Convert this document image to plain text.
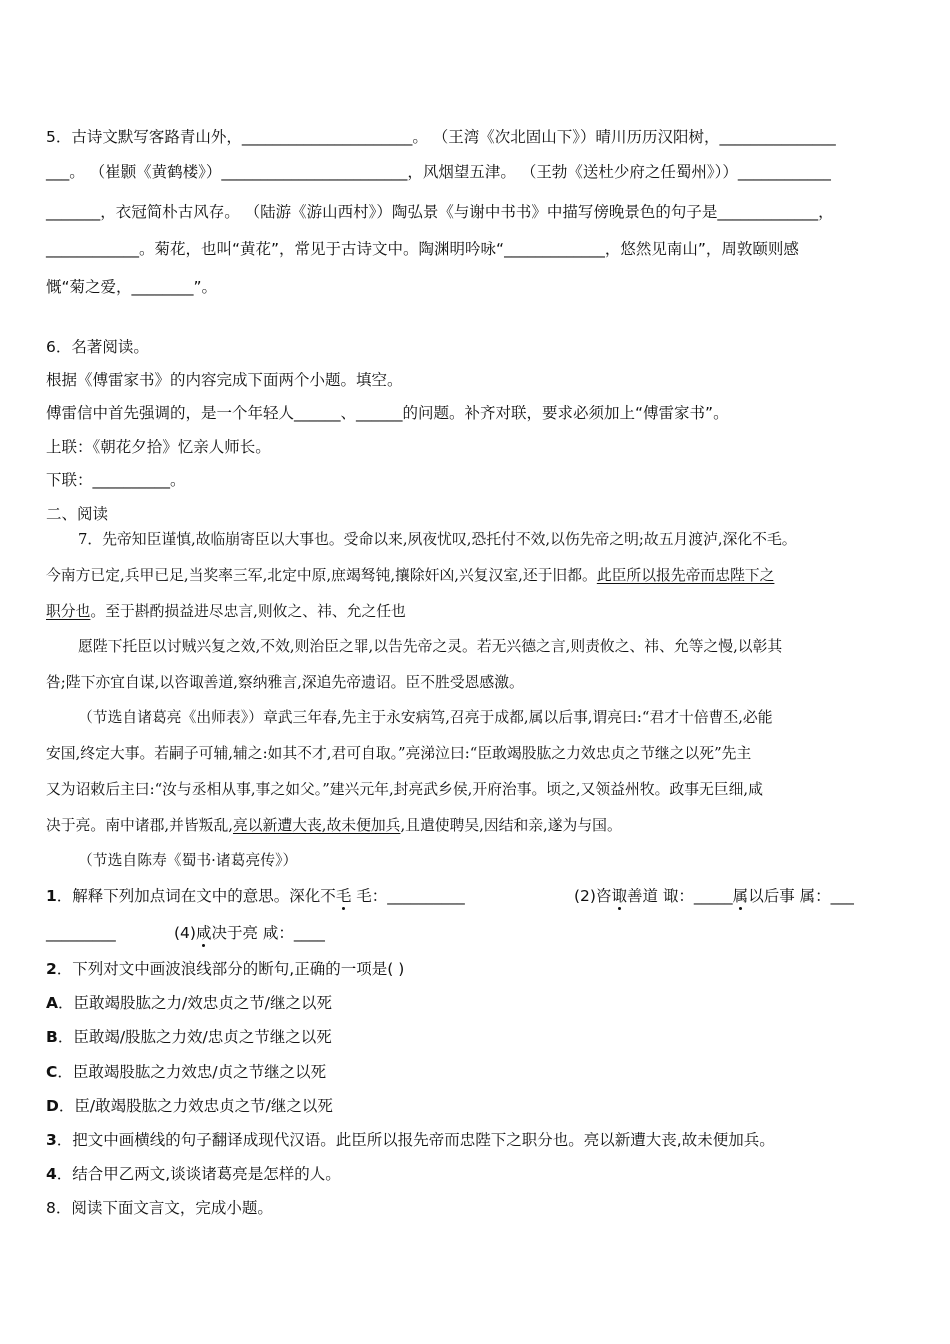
5．古诗文默写客路青山外，______________________。 （王湾《次北固山下》）晴川历历汉阳树，_______________
___。 （崔颢《黄鹤楼》）________________________，风烟望五津。 （王勃《送杜少府之任蜀州》））____________
_______，衣冠简朴古风存。 （陆游《游山西村》）陶弘景《与谢中书书》中描写傍晚景色的句子是_____________，
____________。菊花，也叫“黄花”，常见于古诗文中。陶渊明吟咏“_____________，悠然见南山”，周敦颐则感
慨“菊之爱，________”。
6．名著阅读。
根据《傅雷家书》的内容完成下面两个小题。填空。
傅雷信中首先强调的，是一个年轻人______、______的问题。补齐对联，要求必须加上“傅雷家书”。
上联：《朝花夕拾》忆亲人师长。
下联：__________。
二、阅读
7．先帝知臣谨慎,故临崩寄臣以大事也。受命以来,夙夜忧叹,恐托付不效,以伤先帝之明;故五月渡泸,深化不毛。
今南方已定,兵甲已足,当奖率三军,北定中原,庶竭驽钝,攘除奸凶,兴复汉室,还于旧都。此臣所以报先帝而忠陛下之
职分也。至于斟酌损益进尽忠言,则攸之、祎、允之任也
愿陛下托臣以讨贼兴复之效,不效,则治臣之罪,以告先帝之灵。若无兴德之言,则责攸之、祎、允等之慢,以彰其
咎;陛下亦宜自谋,以咨诹善道,察纳雅言,深追先帝遗诏。臣不胜受恩感激。
（节选自诸葛亮《出师表》）章武三年春,先主于永安病笃,召亮于成都,属以后事,谓亮曰:“君才十倍曹丕,必能
安国,终定大事。若嗣子可辅,辅之:如其不才,君可自取。”亮涕泣曰:“臣敢竭股肱之力效忠贞之节继之以死”先主
又为诏敕后主曰:“汝与丞相从事,事之如父。”建兴元年,封亮武乡侯,开府治事。顷之,又领益州牧。政事无巨细,咸
决于亮。南中诸郡,并皆叛乱,亮以新遭大丧,故未便加兵,且遣使聘吴,因结和亲,遂为与国。
（节选自陈寿《蜀书·诸葛亮传》）
1．解释下列加点词在文中的意思。深化不毛 毛：__________	(2)咨诹善道 诹：_____属以后事 属：___
_________	(4)咸决于亮 咸：____
2．下列对文中画波浪线部分的断句,正确的一项是( )
A．臣敢竭股肱之力/效忠贞之节/继之以死
B．臣敢竭/股肱之力效/忠贞之节继之以死
C．臣敢竭股肱之力效忠/贞之节继之以死
D．臣/敢竭股肱之力效忠贞之节/继之以死
3．把文中画横线的句子翻译成现代汉语。此臣所以报先帝而忠陛下之职分也。亮以新遭大丧,故未便加兵。
4．结合甲乙两文,谈谈诸葛亮是怎样的人。
8．阅读下面文言文，完成小题。
